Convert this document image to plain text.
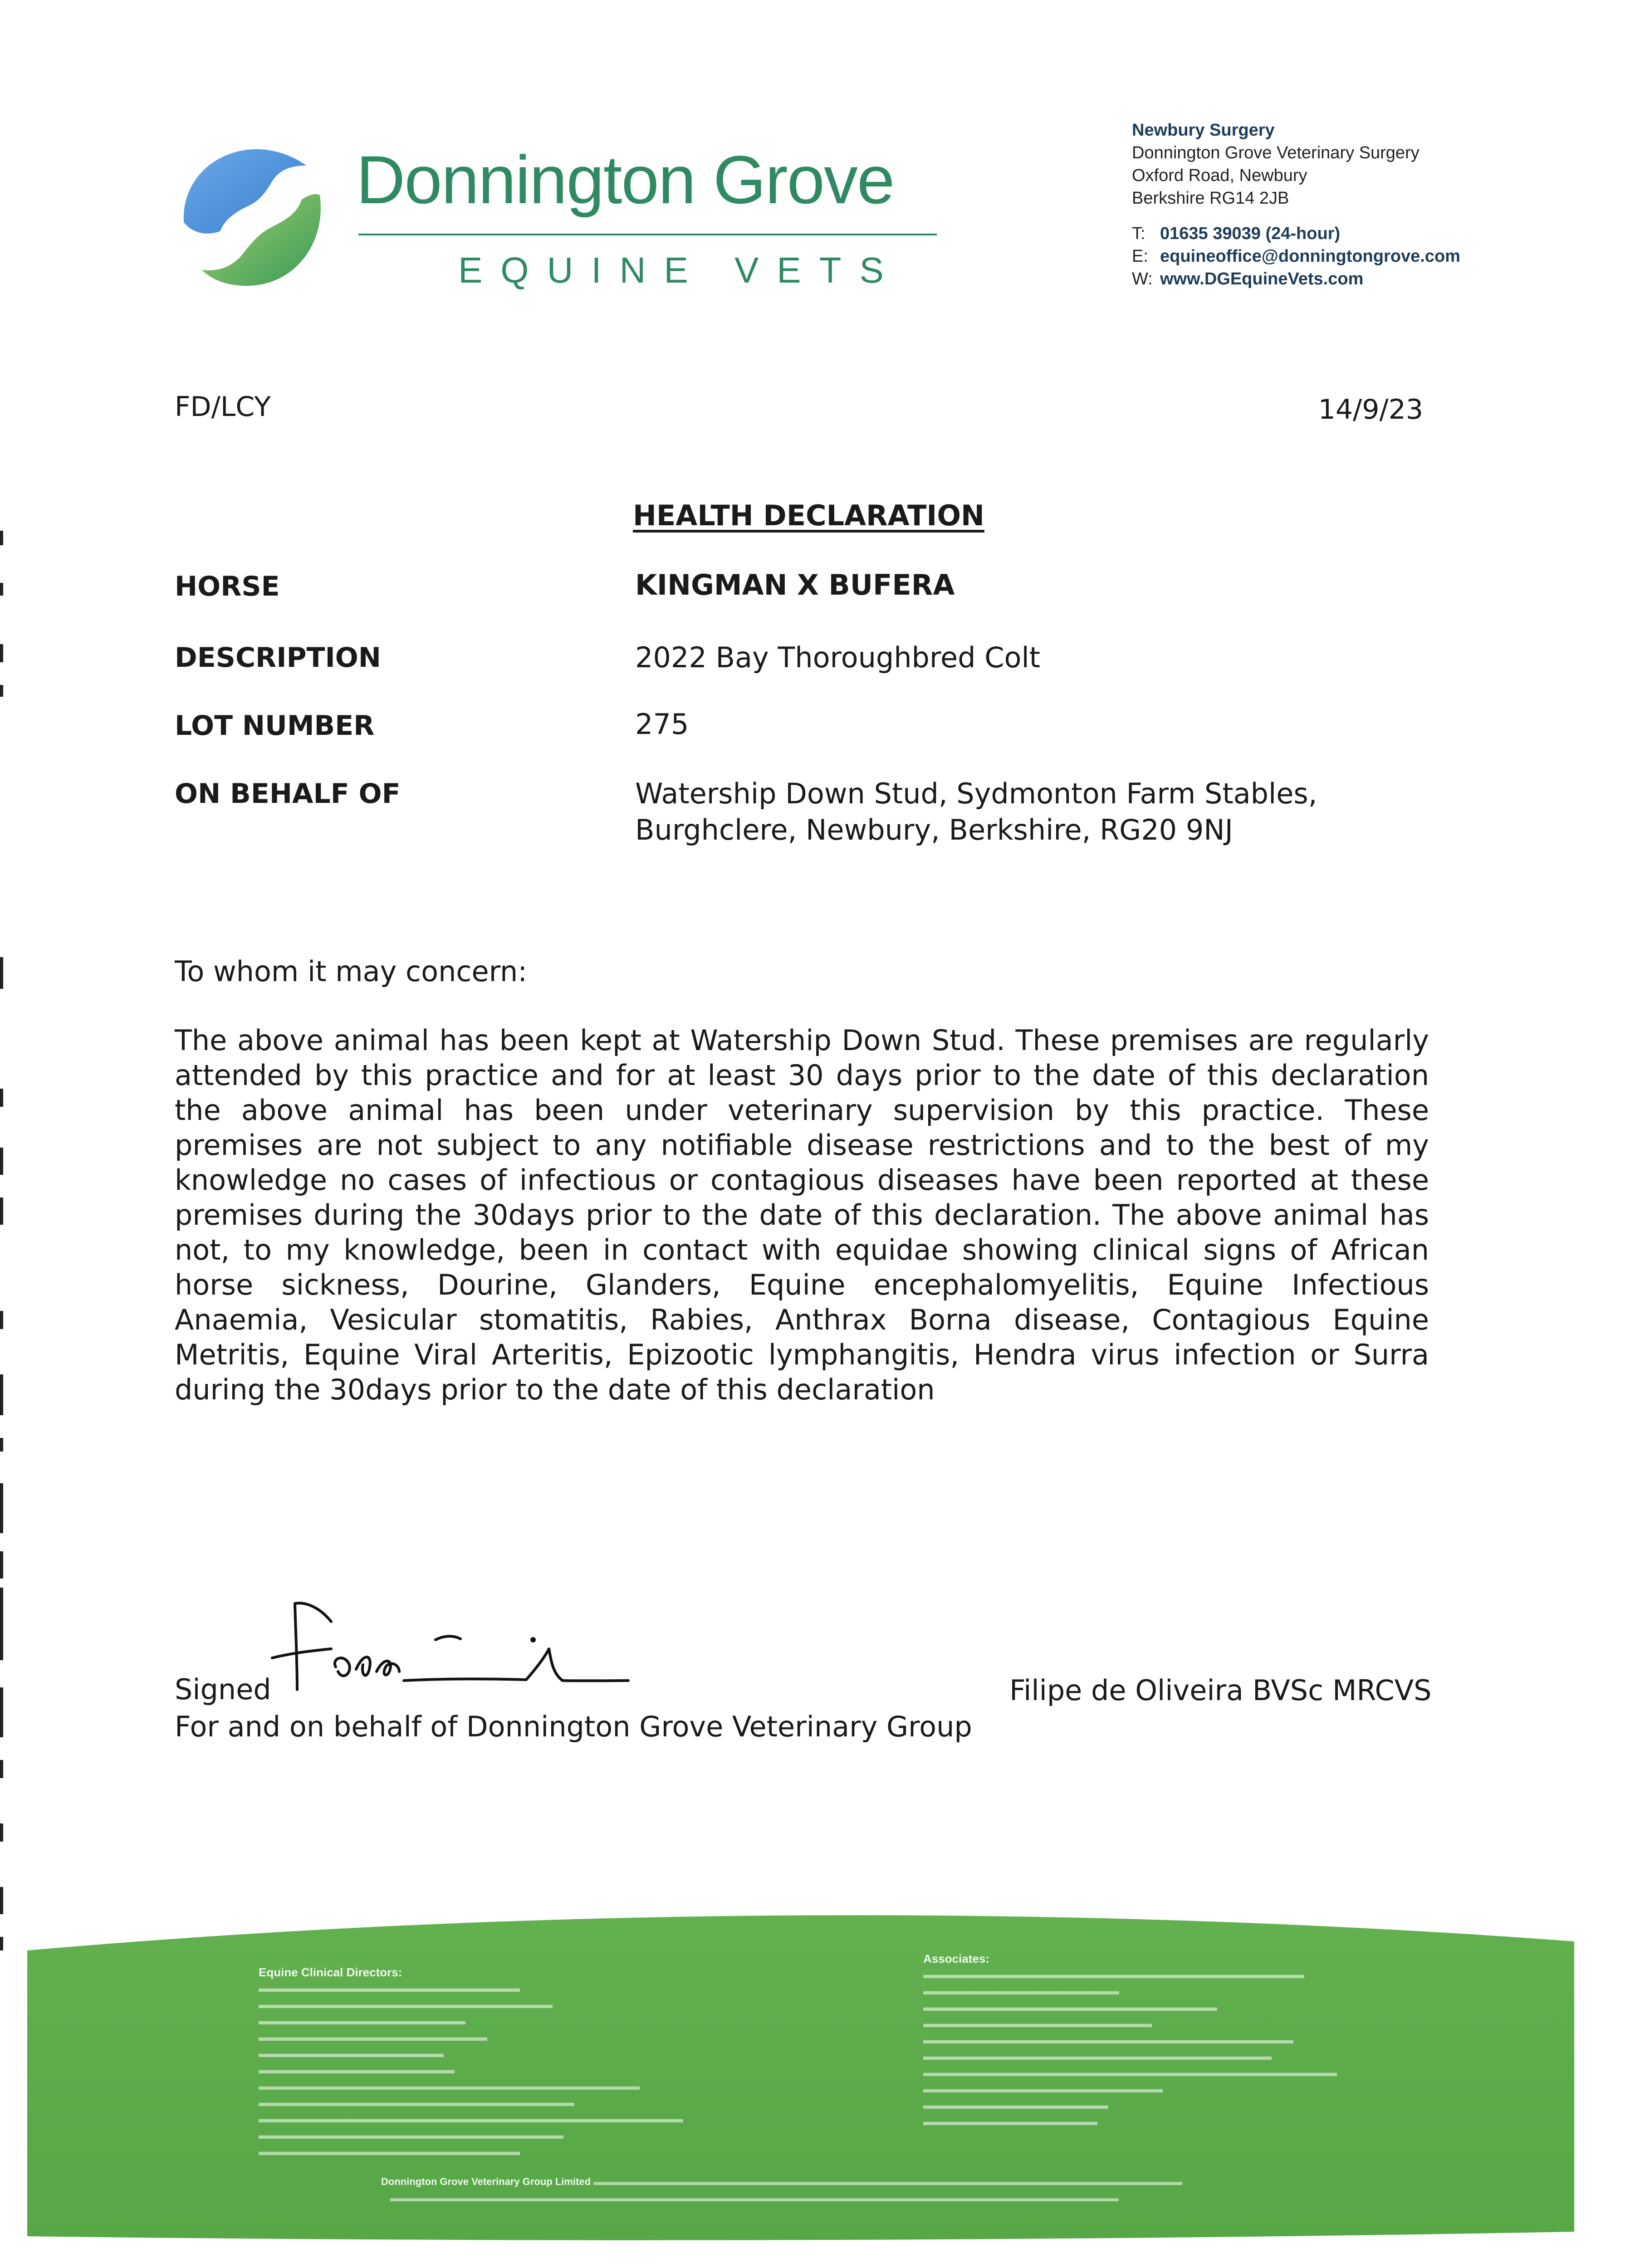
Donnington Grove
EQUINE VETS
Newbury Surgery
Donnington Grove Veterinary Surgery
Oxford Road, Newbury
Berkshire RG14 2JB
T: 01635 39039 (24-hour)
E: equineoffice@donningtongrove.com
W: www.DGEquineVets.com
FD/LCY	14/9/23
HEALTH DECLARATION
HORSE	KINGMAN X BUFERA
DESCRIPTION	2022 Bay Thoroughbred Colt
LOT NUMBER	275
ON BEHALF OF	Watership Down Stud, Sydmonton Farm Stables,
Burghclere, Newbury, Berkshire, RG20 9NJ
To whom it may concern:
The above animal has been kept at Watership Down Stud. These premises are regularly attended by this practice and for at least 30 days prior to the date of this declaration the above animal has been under veterinary supervision by this practice. These premises are not subject to any notifiable disease restrictions and to the best of my knowledge no cases of infectious or contagious diseases have been reported at these premises during the 30days prior to the date of this declaration. The above animal has not, to my knowledge, been in contact with equidae showing clinical signs of African horse sickness, Dourine, Glanders, Equine encephalomyelitis, Equine Infectious Anaemia, Vesicular stomatitis, Rabies, Anthrax Borna disease, Contagious Equine Metritis, Equine Viral Arteritis, Epizootic lymphangitis, Hendra virus infection or Surra during the 30days prior to the date of this declaration
Signed
For and on behalf of Donnington Grove Veterinary Group
Filipe de Oliveira BVSc MRCVS
Equine Clinical Directors:
▬▬▬▬▬▬▬▬▬▬▬▬▬▬▬▬▬▬▬▬▬▬▬▬
▬▬▬▬▬▬▬▬▬▬▬▬▬▬▬▬▬▬▬▬▬▬▬▬▬▬▬
▬▬▬▬▬▬▬▬▬▬▬▬▬▬▬▬▬▬▬
▬▬▬▬▬▬▬▬▬▬▬▬▬▬▬▬▬▬▬▬▬
▬▬▬▬▬▬▬▬▬▬▬▬▬▬▬▬▬
▬▬▬▬▬▬▬▬▬▬▬▬▬▬▬▬▬▬
▬▬▬▬▬▬▬▬▬▬▬▬▬▬▬▬▬▬▬▬▬▬▬▬▬▬▬▬▬▬▬▬▬▬▬
▬▬▬▬▬▬▬▬▬▬▬▬▬▬▬▬▬▬▬▬▬▬▬▬▬▬▬▬▬
▬▬▬▬▬▬▬▬▬▬▬▬▬▬▬▬▬▬▬▬▬▬▬▬▬▬▬▬▬▬▬▬▬▬▬▬▬▬▬
▬▬▬▬▬▬▬▬▬▬▬▬▬▬▬▬▬▬▬▬▬▬▬▬▬▬▬▬
▬▬▬▬▬▬▬▬▬▬▬▬▬▬▬▬▬▬▬▬▬▬▬▬
Associates:
▬▬▬▬▬▬▬▬▬▬▬▬▬▬▬▬▬▬▬▬▬▬▬▬▬▬▬▬▬▬▬▬▬▬▬
▬▬▬▬▬▬▬▬▬▬▬▬▬▬▬▬▬▬
▬▬▬▬▬▬▬▬▬▬▬▬▬▬▬▬▬▬▬▬▬▬▬▬▬▬▬
▬▬▬▬▬▬▬▬▬▬▬▬▬▬▬▬▬▬▬▬▬
▬▬▬▬▬▬▬▬▬▬▬▬▬▬▬▬▬▬▬▬▬▬▬▬▬▬▬▬▬▬▬▬▬▬
▬▬▬▬▬▬▬▬▬▬▬▬▬▬▬▬▬▬▬▬▬▬▬▬▬▬▬▬▬▬▬▬
▬▬▬▬▬▬▬▬▬▬▬▬▬▬▬▬▬▬▬▬▬▬▬▬▬▬▬▬▬▬▬▬▬▬▬▬▬▬
▬▬▬▬▬▬▬▬▬▬▬▬▬▬▬▬▬▬▬▬▬▬
▬▬▬▬▬▬▬▬▬▬▬▬▬▬▬▬▬
▬▬▬▬▬▬▬▬▬▬▬▬▬▬▬▬
Donnington Grove Veterinary Group Limited ▬▬▬▬▬▬▬▬▬▬▬▬▬▬▬▬▬▬▬▬▬▬▬▬▬▬▬▬▬▬▬▬▬▬▬▬▬▬▬▬▬▬▬▬▬▬▬▬▬▬▬▬▬▬▬▬▬▬▬
▬▬▬▬▬▬▬▬▬▬▬▬▬▬▬▬▬▬▬▬▬▬▬▬▬▬▬▬▬▬▬▬▬▬▬▬▬▬▬▬▬▬▬▬▬▬▬▬▬▬▬▬▬▬▬▬▬▬▬▬▬▬▬▬▬▬▬▬▬▬▬▬▬
